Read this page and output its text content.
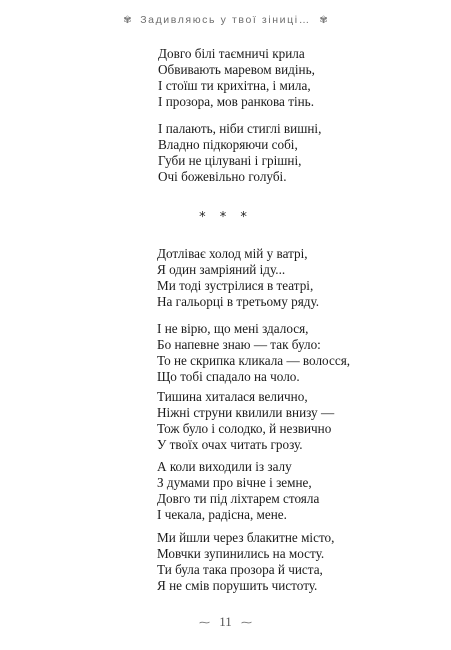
✾ Задивляюсь у твої зіниці… ✾
Довго білі таємничі крила
Обвивають маревом видінь,
І стоїш ти крихітна, і мила,
І прозора, мов ранкова тінь.
І палають, ніби стиглі вишні,
Владно підкоряючи собі,
Губи не цілувані і грішні,
Очі божевільно голубі.
* * *
Дотліває холод мій у ватрі,
Я один замріяний іду...
Ми тоді зустрілися в театрі,
На гальорці в третьому ряду.
І не вірю, що мені здалося,
Бо напевне знаю — так було:
То не скрипка кликала — волосся,
Що тобі спадало на чоло.
Тишина хиталася велично,
Ніжні струни квилили внизу —
Тож було і солодко, й незвично
У твоїх очах читать грозу.
А коли виходили із залу
З думами про вічне і земне,
Довго ти під ліхтарем стояла
І чекала, радісна, мене.
Ми йшли через блакитне місто,
Мовчки зупинились на мосту.
Ти була така прозора й чиста,
Я не смів порушить чистоту.
⁓ 11 ⁓
